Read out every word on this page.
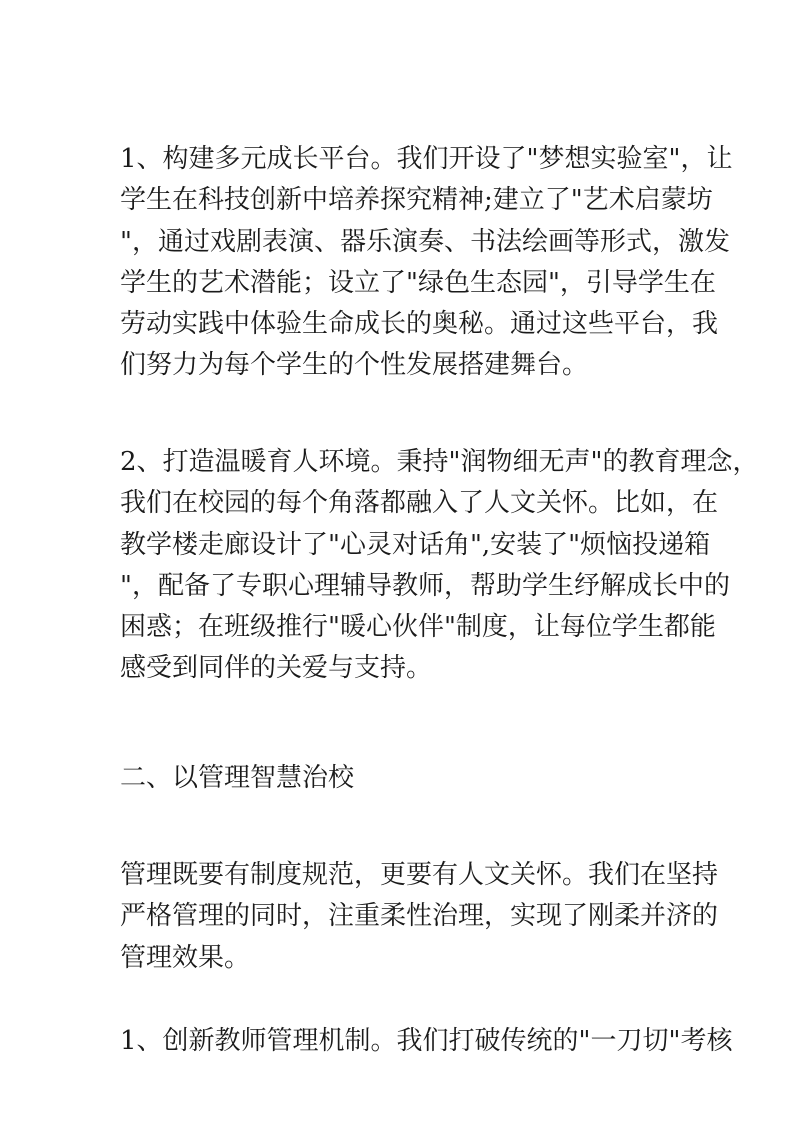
1、构建多元成长平台。我们开设了"梦想实验室"，让
学生在科技创新中培养探究精神;建立了"艺术启蒙坊
"，通过戏剧表演、器乐演奏、书法绘画等形式，激发
学生的艺术潜能；设立了"绿色生态园"，引导学生在
劳动实践中体验生命成长的奥秘。通过这些平台，我
们努力为每个学生的个性发展搭建舞台。
2、打造温暖育人环境。秉持"润物细无声"的教育理念，
我们在校园的每个角落都融入了人文关怀。比如，在
教学楼走廊设计了"心灵对话角",安装了"烦恼投递箱
"，配备了专职心理辅导教师，帮助学生纾解成长中的
困惑；在班级推行"暖心伙伴"制度，让每位学生都能
感受到同伴的关爱与支持。
二、以管理智慧治校
管理既要有制度规范，更要有人文关怀。我们在坚持
严格管理的同时，注重柔性治理，实现了刚柔并济的
管理效果。
1、创新教师管理机制。我们打破传统的"一刀切"考核
